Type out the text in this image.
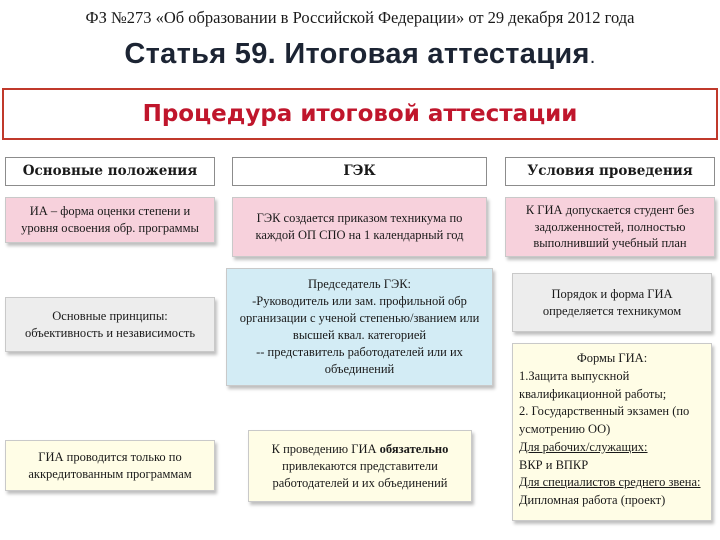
ФЗ №273 «Об образовании в Российской Федерации» от 29 декабря 2012 года
Статья 59. Итоговая аттестация.
Процедура итоговой аттестации
Основные положения
ИА – форма оценки степени и уровня освоения обр. программы
Основные принципы: объективность и независимость
ГИА проводится только по аккредитованным программам
ГЭК
ГЭК создается приказом техникума по каждой ОП СПО на 1 календарный год
Председатель ГЭК:
-Руководитель или зам. профильной обр организации с ученой степенью/званием или высшей квал. категорией
-- представитель работодателей или их объединений
К проведению ГИА обязательно привлекаются представители работодателей и их объединений
Условия проведения
К ГИА допускается студент без задолженностей, полностью выполнивший учебный план
Порядок и форма ГИА определяется техникумом
Формы ГИА:
1.Защита выпускной квалификационной работы;
2. Государственный экзамен (по усмотрению ОО)
Для рабочих/служащих:
ВКР и ВПКР
Для специалистов среднего звена:
Дипломная работа (проект)
